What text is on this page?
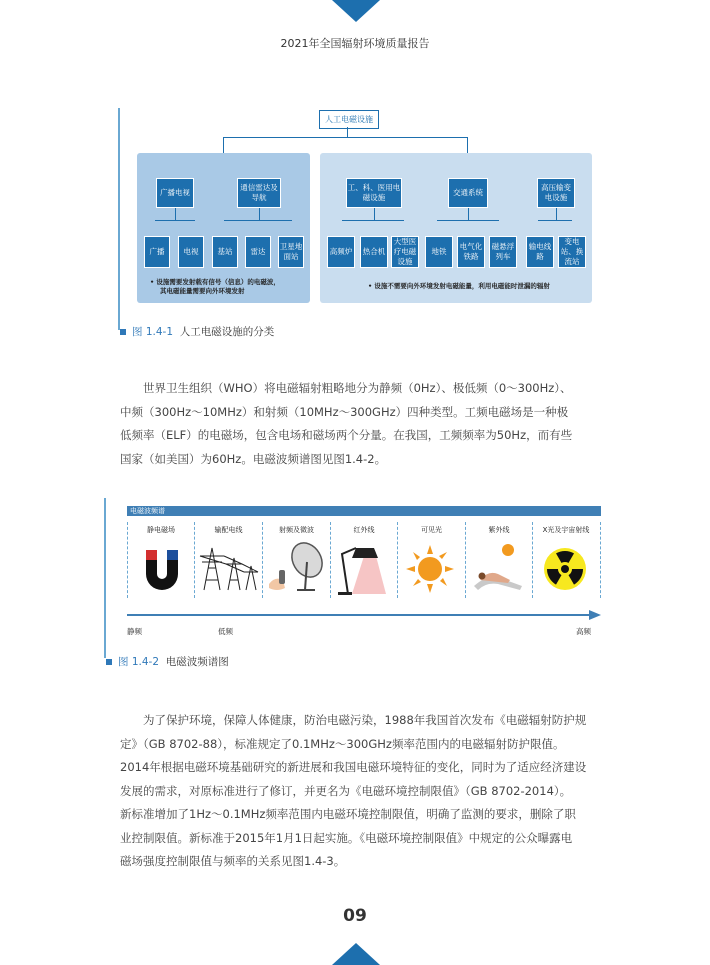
2021年全国辐射环境质量报告
人工电磁设施
广播电视
通信雷达及导航
广播	电视	基站	雷达
卫星地面站
• 设施需要发射载有信号（信息）的电磁波，
其电磁能量需要向外环境发射
工、科、医用电磁设施
交通系统
高压输变电设施
高频炉	热合机
大型医疗电磁设施
地铁
电气化铁路
磁悬浮列车
输电线路
变电站、换流站
• 设施不需要向外环境发射电磁能量，利用电磁能时泄漏的辐射
图 1.4-1 人工电磁设施的分类
世界卫生组织（WHO）将电磁辐射粗略地分为静频（0Hz）、极低频（0～300Hz）、
中频（300Hz～10MHz）和射频（10MHz～300GHz）四种类型。工频电磁场是一种极
低频率（ELF）的电磁场，包含电场和磁场两个分量。在我国，工频频率为50Hz，而有些
国家（如美国）为60Hz。电磁波频谱图见图1.4-2。
电磁波频谱
静电磁场	输配电线	射频及微波	红外线	可见光	紫外线	X光及宇宙射线
静频	低频	高频
图 1.4-2 电磁波频谱图
为了保护环境，保障人体健康，防治电磁污染，1988年我国首次发布《电磁辐射防护规
定》（GB 8702-88），标准规定了0.1MHz～300GHz频率范围内的电磁辐射防护限值。
2014年根据电磁环境基础研究的新进展和我国电磁环境特征的变化，同时为了适应经济建设
发展的需求，对原标准进行了修订，并更名为《电磁环境控制限值》（GB 8702-2014）。
新标准增加了1Hz～0.1MHz频率范围内电磁环境控制限值，明确了监测的要求，删除了职
业控制限值。新标准于2015年1月1日起实施。《电磁环境控制限值》中规定的公众曝露电
磁场强度控制限值与频率的关系见图1.4-3。
09
